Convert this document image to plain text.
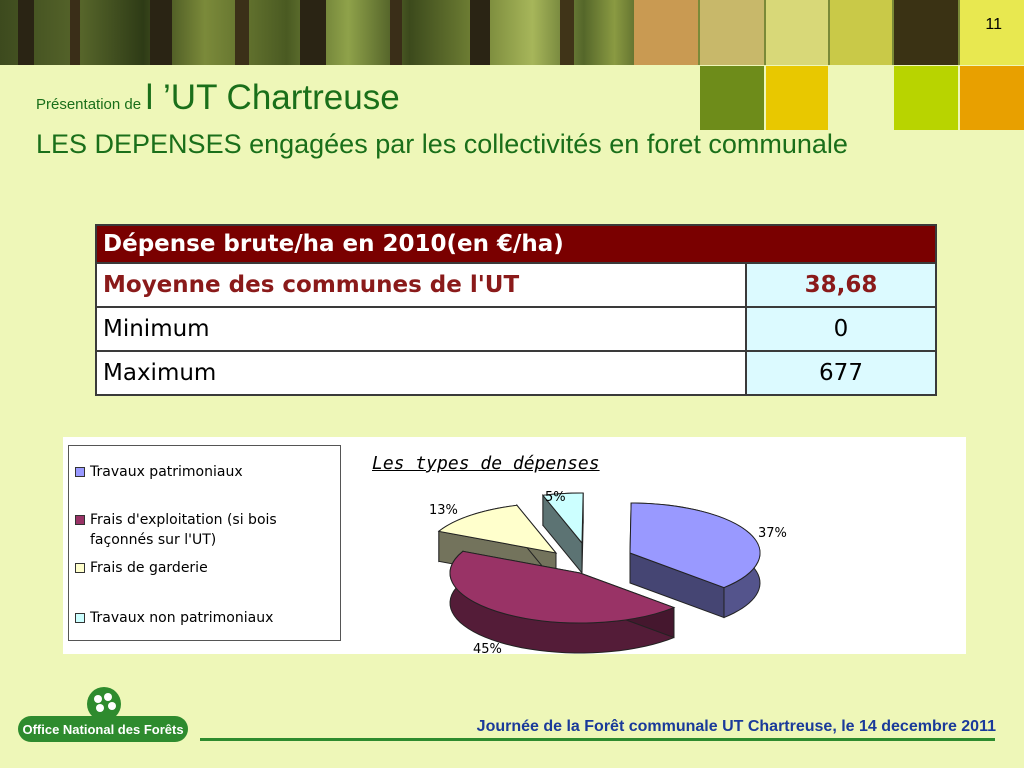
11
Présentation de l ’UT Chartreuse
LES DEPENSES engagées par les collectivités en foret communale
Dépense brute/ha en 2010(en €/ha)	
Moyenne des communes de l'UT	38,68
Minimum	0
Maximum	677
Travaux patrimoniaux
Frais d'exploitation (si bois façonnés sur l'UT)
Frais de garderie
Travaux non patrimoniaux
Les types de dépenses
37%
45%
13%
5%
Office National des Forêts	Journée de la Forêt communale UT Chartreuse, le 14 decembre 2011
